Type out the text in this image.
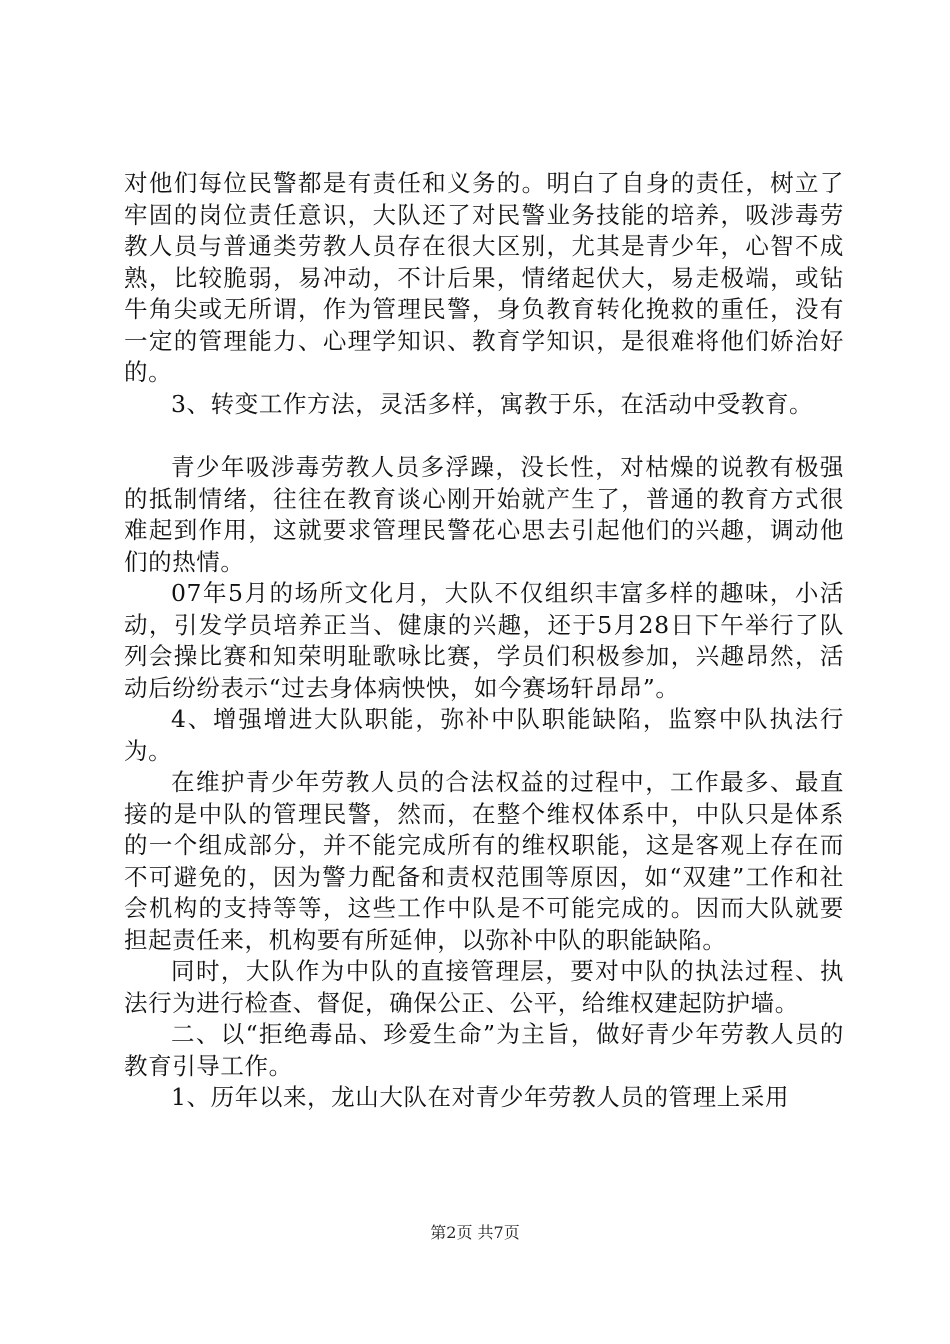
对他们每位民警都是有责任和义务的。明白了自身的责任，树立了牢固的岗位责任意识，大队还了对民警业务技能的培养，吸涉毒劳教人员与普通类劳教人员存在很大区别，尤其是青少年，心智不成熟，比较脆弱，易冲动，不计后果，情绪起伏大，易走极端，或钻牛角尖或无所谓，作为管理民警，身负教育转化挽救的重任，没有一定的管理能力、心理学知识、教育学知识，是很难将他们娇治好的。

3、转变工作方法，灵活多样，寓教于乐，在活动中受教育。

青少年吸涉毒劳教人员多浮躁，没长性，对枯燥的说教有极强的抵制情绪，往往在教育谈心刚开始就产生了，普通的教育方式很难起到作用，这就要求管理民警花心思去引起他们的兴趣，调动他们的热情。

07年5月的场所文化月，大队不仅组织丰富多样的趣味，小活动，引发学员培养正当、健康的兴趣，还于5月28日下午举行了队列会操比赛和知荣明耻歌咏比赛，学员们积极参加，兴趣昂然，活动后纷纷表示“过去身体病怏怏，如今赛场轩昂昂”。

4、增强增进大队职能，弥补中队职能缺陷，监察中队执法行为。

在维护青少年劳教人员的合法权益的过程中，工作最多、最直接的是中队的管理民警，然而，在整个维权体系中，中队只是体系的一个组成部分，并不能完成所有的维权职能，这是客观上存在而不可避免的，因为警力配备和责权范围等原因，如“双建”工作和社会机构的支持等等，这些工作中队是不可能完成的。因而大队就要担起责任来，机构要有所延伸，以弥补中队的职能缺陷。

同时，大队作为中队的直接管理层，要对中队的执法过程、执法行为进行检查、督促，确保公正、公平，给维权建起防护墙。

二、以“拒绝毒品、珍爱生命”为主旨，做好青少年劳教人员的教育引导工作。

1、历年以来，龙山大队在对青少年劳教人员的管理上采用

第2页 共7页
